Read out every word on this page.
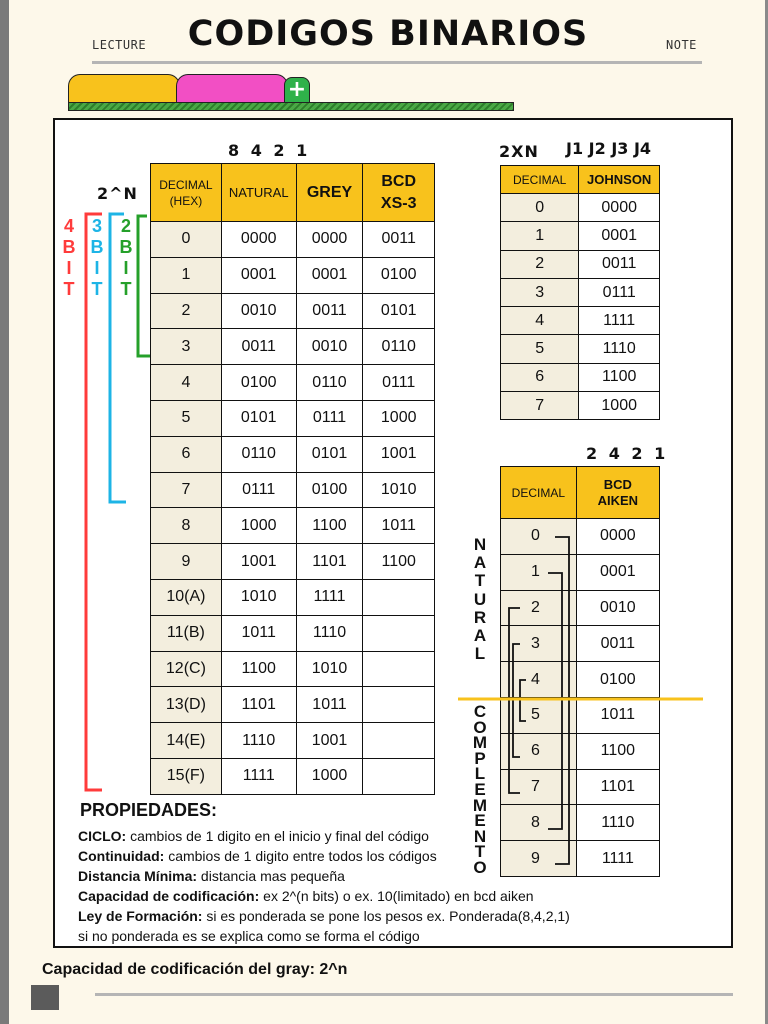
LECTURE	CODIGOS BINARIOS	NOTE
+
8 4 2 1
2^N
4
B
I
T
3
B
I
T
2
B
I
T
DECIMAL
(HEX)	NATURAL	GREY	BCD
XS-3
0	0000	0000	0011
1	0001	0001	0100
2	0010	0011	0101
3	0011	0010	0110
4	0100	0110	0111
5	0101	0111	1000
6	0110	0101	1001
7	0111	0100	1010
8	1000	1100	1011
9	1001	1101	1100
10(A)	1010	1111	
11(B)	1011	1110	
12(C)	1100	1010	
13(D)	1101	1011	
14(E)	1110	1001	
15(F)	1111	1000	
2XN J1 J2 J3 J4
DECIMAL	JOHNSON
0	0000
1	0001
2	0011
3	0111
4	1111
5	1110
6	1100
7	1000
2 4 2 1
DECIMAL	BCD
AIKEN
0	0000
1	0001
2	0010
3	0011
4	0100
5	1011
6	1100
7	1101
8	1110
9	1111
N
A
T
U
R
A
L
C
O
M
P
L
E
M
E
N
T
O
PROPIEDADES:
CICLO: cambios de 1 digito en el inicio y final del código
Continuidad: cambios de 1 digito entre todos los códigos
Distancia Mínima: distancia mas pequeña
Capacidad de codificación: ex 2^(n bits) o ex. 10(limitado) en bcd aiken
Ley de Formación: si es ponderada se pone los pesos ex. Ponderada(8,4,2,1)
si no ponderada es se explica como se forma el código
Capacidad de codificación del gray: 2^n
